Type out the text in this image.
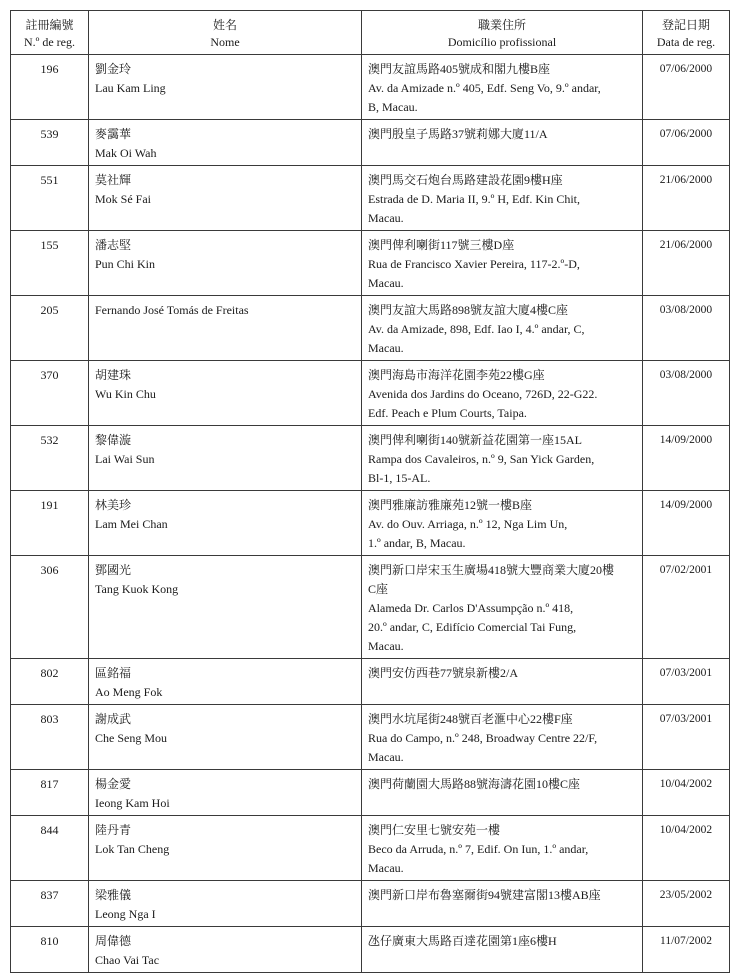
註冊編號
N.º de reg.	姓名
Nome	職業住所
Domicílio profissional	登記日期
Data de reg.

196	劉金玲
Lau Kam Ling	澳門友誼馬路405號成和閣九樓B座
Av. da Amizade n.º 405, Edf. Seng Vo, 9.º andar,
B, Macau.	07/06/2000

539	麥靄華
Mak Oi Wah	澳門殷皇子馬路37號莉娜大廈11/A	07/06/2000

551	莫社輝
Mok Sé Fai	澳門馬交石炮台馬路建設花園9樓H座
Estrada de D. Maria II, 9.º H, Edf. Kin Chit,
Macau.	21/06/2000

155	潘志堅
Pun Chi Kin	澳門俾利喇街117號三樓D座
Rua de Francisco Xavier Pereira, 117-2.º-D,
Macau.	21/06/2000

205	Fernando José Tomás de Freitas	澳門友誼大馬路898號友誼大廈4樓C座
Av. da Amizade, 898, Edf. Iao I, 4.º andar, C,
Macau.	03/08/2000

370	胡建珠
Wu Kin Chu	澳門海島市海洋花園李苑22樓G座
Avenida dos Jardins do Oceano, 726D, 22-G22.
Edf. Peach e Plum Courts, Taipa.	03/08/2000

532	黎偉漩
Lai Wai Sun	澳門俾利喇街140號新益花園第一座15AL
Rampa dos Cavaleiros, n.º 9, San Yick Garden,
Bl-1, 15-AL.	14/09/2000

191	林美珍
Lam Mei Chan	澳門雅廉訪雅廉苑12號一樓B座
Av. do Ouv. Arriaga, n.º 12, Nga Lim Un,
1.º andar, B, Macau.	14/09/2000

306	鄧國光
Tang Kuok Kong	澳門新口岸宋玉生廣場418號大豐商業大廈20樓
C座
Alameda Dr. Carlos D'Assumpção n.º 418,
20.º andar, C, Edifício Comercial Tai Fung,
Macau.	07/02/2001

802	區銘福
Ao Meng Fok	澳門安仿西巷77號泉新樓2/A	07/03/2001

803	謝成武
Che Seng Mou	澳門水坑尾街248號百老滙中心22樓F座
Rua do Campo, n.º 248, Broadway Centre 22/F,
Macau.	07/03/2001

817	楊金愛
Ieong Kam Hoi	澳門荷蘭園大馬路88號海濤花園10樓C座	10/04/2002

844	陸丹青
Lok Tan Cheng	澳門仁安里七號安苑一樓
Beco da Arruda, n.º 7, Edif. On Iun, 1.º andar,
Macau.	10/04/2002

837	梁雅儀
Leong Nga I	澳門新口岸布魯塞爾街94號建富閣13樓AB座	23/05/2002

810	周偉德
Chao Vai Tac	氹仔廣東大馬路百達花園第1座6樓H	11/07/2002
